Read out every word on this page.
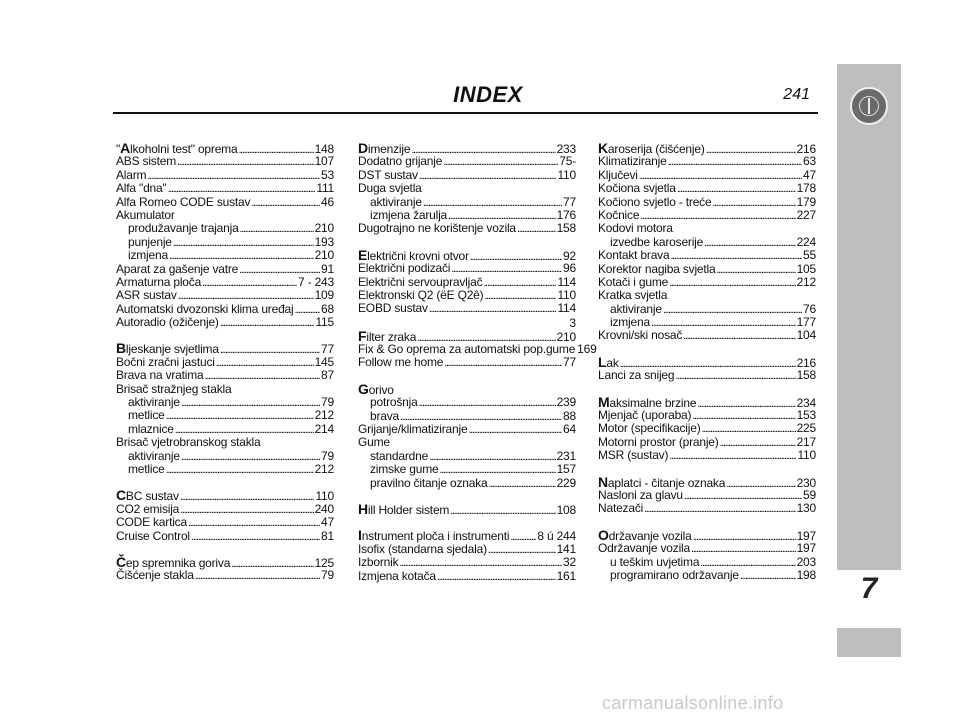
INDEX	241
7
"Alkoholni test" oprema . . .	148
ABS sistem . . .	107
Alarm . . .	53
Alfa "dna" . . .	111
Alfa Romeo CODE sustav . . .	46
Akumulator
produžavanje trajanja . . .	210
punjenje . . .	193
izmjena . . .	210
Aparat za gašenje vatre . . .	91
Armaturna ploča . . .	7 - 243
ASR sustav . . .	109
Automatski dvozonski klima uređaj . . . 68
Autoradio (ožičenje) . . .	115
Bljeskanje svjetlima . . .	77
Bočni zračni jastuci . . .	145
Brava na vratima . . .	87
Brisač stražnjeg stakla
aktiviranje . . .	79
metlice . . .	212
mlaznice . . .	214
Brisač vjetrobranskog stakla
aktiviranje . . .	79
metlice . . .	212
CBC sustav . . .	110
CO2 emisija . . .	240
CODE kartica . . .	47
Cruise Control . . .	81
Čep spremnika goriva . . .	125
Čišćenje stakla . . .	79
Dimenzije . . .	233
Dodatno grijanje . . .	75-
DST sustav . . .	110
Duga svjetla
aktiviranje . . .	77
izmjena žarulja . . .	176
Dugotrajno ne korištenje vozila . . .	158
Električni krovni otvor . . .	92
Električni podizači . . .	96
Električni servoupravljač . . .	114
Elektronski Q2 (ëE Q2ê) . . .	110
EOBD sustav . . .	114
3
Filter zraka . . .	210
Fix & Go oprema za automatski pop.gume 169
Follow me home . . .	77
Gorivo
potrošnja . . .	239
brava . . .	88
Grijanje/klimatiziranje . . .	64
Gume
standardne . . .	231
zimske gume . . .	157
pravilno čitanje oznaka . . .	229
Hill Holder sistem . . .	108
Instrument ploča i instrumenti . . . 8 ú 244
Isofix (standarna sjedala) . . .	141
Izbornik . . .	32
Izmjena kotača . . .	161
Karoserija (čišćenje) . . .	216
Klimatiziranje . . .	63
Ključevi . . .	47
Kočiona svjetla . . .	178
Kočiono svjetlo - treće . . .	179
Kočnice . . .	227
Kodovi motora
izvedbe karoserije . . .	224
Kontakt brava . . .	55
Korektor nagiba svjetla . . .	105
Kotači i gume . . .	212
Kratka svjetla
aktiviranje . . .	76
izmjena . . .	177
Krovni/ski nosač . . .	104
Lak . . .	216
Lanci za snijeg . . .	158
Maksimalne brzine . . .	234
Mjenjač (uporaba) . . .	153
Motor (specifikacije) . . .	225
Motorni prostor (pranje) . . .	217
MSR (sustav) . . .	110
Naplatci - čitanje oznaka . . .	230
Nasloni za glavu . . .	59
Natezači . . .	130
Održavanje vozila . . .	197
Održavanje vozila . . .	197
u teškim uvjetima . . .	203
programirano održavanje . . .	198
carmanualsonline.info
